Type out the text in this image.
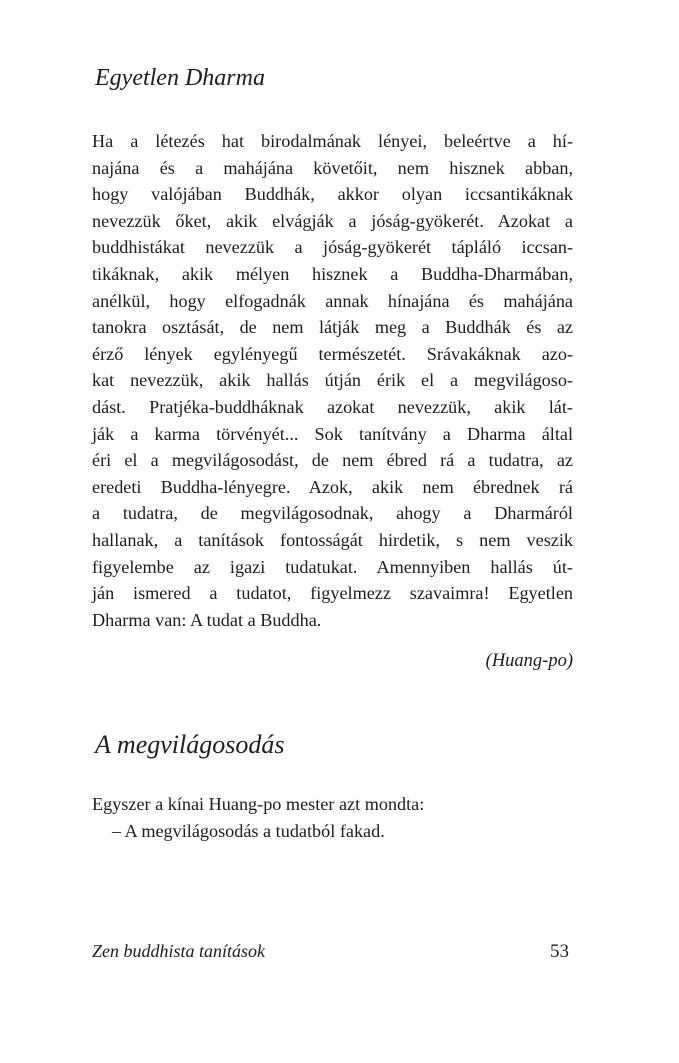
Egyetlen Dharma
Ha a létezés hat birodalmának lényei, beleértve a hí-
najána és a mahájána követőit, nem hisznek abban,
hogy valójában Buddhák, akkor olyan iccsantikáknak
nevezzük őket, akik elvágják a jóság-gyökerét. Azokat a
buddhistákat nevezzük a jóság-gyökerét tápláló iccsan-
tikáknak, akik mélyen hisznek a Buddha-Dharmában,
anélkül, hogy elfogadnák annak hínajána és mahájána
tanokra osztását, de nem látják meg a Buddhák és az
érző lények egylényegű természetét. Srávakáknak azo-
kat nevezzük, akik hallás útján érik el a megvilágoso-
dást. Pratjéka-buddháknak azokat nevezzük, akik lát-
ják a karma törvényét... Sok tanítvány a Dharma által
éri el a megvilágosodást, de nem ébred rá a tudatra, az
eredeti Buddha-lényegre. Azok, akik nem ébrednek rá
a tudatra, de megvilágosodnak, ahogy a Dharmáról
hallanak, a tanítások fontosságát hirdetik, s nem veszik
figyelembe az igazi tudatukat. Amennyiben hallás út-
ján ismered a tudatot, figyelmezz szavaimra! Egyetlen
Dharma van: A tudat a Buddha.
(Huang-po)
A megvilágosodás
Egyszer a kínai Huang-po mester azt mondta:
– A megvilágosodás a tudatból fakad.
Zen buddhista tanítások	53
